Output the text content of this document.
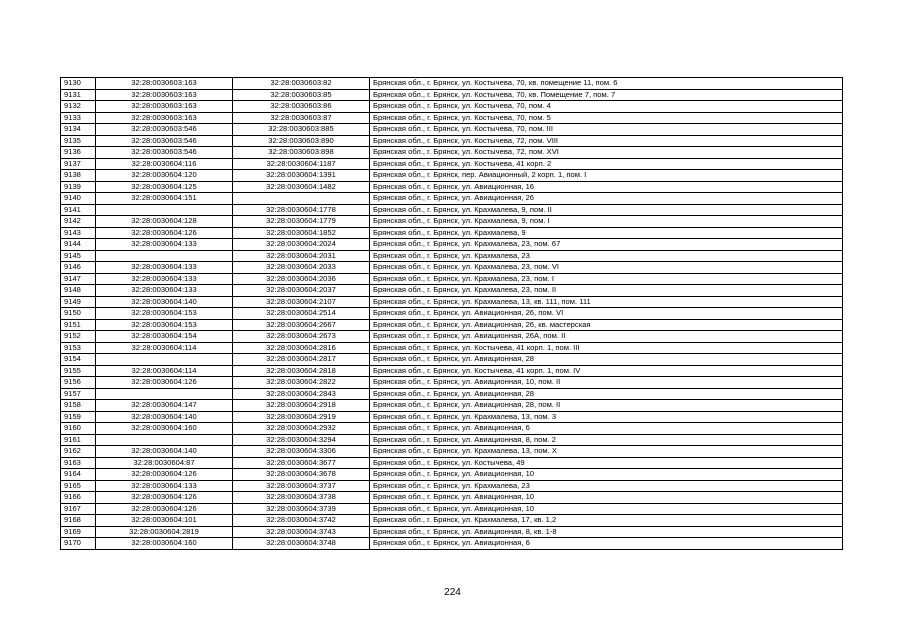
9130	32:28:0030603:163	32:28:0030603:82	Брянская обл., г. Брянск, ул. Костычева, 70, кв. помещение 11, пом. 6
9131	32:28:0030603:163	32:28:0030603:85	Брянская обл., г. Брянск, ул. Костычева, 70, кв. Помещение 7, пом. 7
9132	32:28:0030603:163	32:28:0030603:86	Брянская обл., г. Брянск, ул. Костычева, 70, пом. 4
9133	32:28:0030603:163	32:28:0030603:87	Брянская обл., г. Брянск, ул. Костычева, 70, пом. 5
9134	32:28:0030603:546	32:28:0030603:885	Брянская обл., г. Брянск, ул. Костычева, 70, пом. III
9135	32:28:0030603:546	32:28:0030603:890	Брянская обл., г. Брянск, ул. Костычева, 72, пом. VIII
9136	32:28:0030603:546	32:28:0030603:898	Брянская обл., г. Брянск, ул. Костычева, 72, пом. XVI
9137	32:28:0030604:116	32:28:0030604:1187	Брянская обл., г. Брянск, ул. Костычева, 41 корп. 2
9138	32:28:0030604:120	32:28:0030604:1391	Брянская обл., г. Брянск, пер. Авиационный, 2 корп. 1, пом. I
9139	32:28:0030604:125	32:28:0030604:1482	Брянская обл., г. Брянск, ул. Авиационная, 16
9140	32:28:0030604:151		Брянская обл., г. Брянск, ул. Авиационная, 26
9141		32:28:0030604:1778	Брянская обл., г. Брянск, ул. Крахмалева, 9, пом. II
9142	32:28:0030604:128	32:28:0030604:1779	Брянская обл., г. Брянск, ул. Крахмалева, 9, пом. I
9143	32:28:0030604:126	32:28:0030604:1852	Брянская обл., г. Брянск, ул. Крахмалева, 9
9144	32:28:0030604:133	32:28:0030604:2024	Брянская обл., г. Брянск, ул. Крахмалева, 23, пом. 67
9145		32:28:0030604:2031	Брянская обл., г. Брянск, ул. Крахмалева, 23
9146	32:28:0030604:133	32:28:0030604:2033	Брянская обл., г. Брянск, ул. Крахмалева, 23, пом. VI
9147	32:28:0030604:133	32:28:0030604:2036	Брянская обл., г. Брянск, ул. Крахмалева, 23, пом. I
9148	32:28:0030604:133	32:28:0030604:2037	Брянская обл., г. Брянск, ул. Крахмалева, 23, пом. II
9149	32:28:0030604:140	32:28:0030604:2107	Брянская обл., г. Брянск, ул. Крахмалева, 13, кв. 111, пом. 111
9150	32:28:0030604:153	32:28:0030604:2514	Брянская обл., г. Брянск, ул. Авиационная, 26, пом. VI
9151	32:28:0030604:153	32:28:0030604:2667	Брянская обл., г. Брянск, ул. Авиационная, 26, кв. мастерская
9152	32:28:0030604:154	32:28:0030604:2673	Брянская обл., г. Брянск, ул. Авиационная, 26А, пом. II
9153	32:28:0030604:114	32:28:0030604:2816	Брянская обл., г. Брянск, ул. Костычева, 41 корп. 1, пом. III
9154		32:28:0030604:2817	Брянская обл., г. Брянск, ул. Авиационная, 28
9155	32:28:0030604:114	32:28:0030604:2818	Брянская обл., г. Брянск, ул. Костычева, 41 корп. 1, пом. IV
9156	32:28:0030604:126	32:28:0030604:2822	Брянская обл., г. Брянск, ул. Авиационная, 10, пом. II
9157		32:28:0030604:2843	Брянская обл., г. Брянск, ул. Авиационная, 28
9158	32:28:0030604:147	32:28:0030604:2918	Брянская обл., г. Брянск, ул. Авиационная, 28, пом. II
9159	32:28:0030604:140	32:28:0030604:2919	Брянская обл., г. Брянск, ул. Крахмалева, 13, пом. 3
9160	32:28:0030604:160	32:28:0030604:2932	Брянская обл., г. Брянск, ул. Авиационная, 6
9161		32:28:0030604:3294	Брянская обл., г. Брянск, ул. Авиационная, 8, пом. 2
9162	32:28:0030604:140	32:28:0030604:3306	Брянская обл., г. Брянск, ул. Крахмалева, 13, пом. X
9163	32:28:0030604:87	32:28:0030604:3677	Брянская обл., г. Брянск, ул. Костычева, 49
9164	32:28:0030604:126	32:28:0030604:3678	Брянская обл., г. Брянск, ул. Авиационная, 10
9165	32:28:0030604:133	32:28:0030604:3737	Брянская обл., г. Брянск, ул. Крахмалева, 23
9166	32:28:0030604:126	32:28:0030604:3738	Брянская обл., г. Брянск, ул. Авиационная, 10
9167	32:28:0030604:126	32:28:0030604:3739	Брянская обл., г. Брянск, ул. Авиационная, 10
9168	32:28:0030604:101	32:28:0030604:3742	Брянская обл., г. Брянск, ул. Крахмалева, 17, кв. 1,2
9169	32:28:0030604:2819	32:28:0030604:3743	Брянская обл., г. Брянск, ул. Авиационная, 8, кв. 1-8
9170	32:28:0030604:160	32:28:0030604:3748	Брянская обл., г. Брянск, ул. Авиационная, 6
224
